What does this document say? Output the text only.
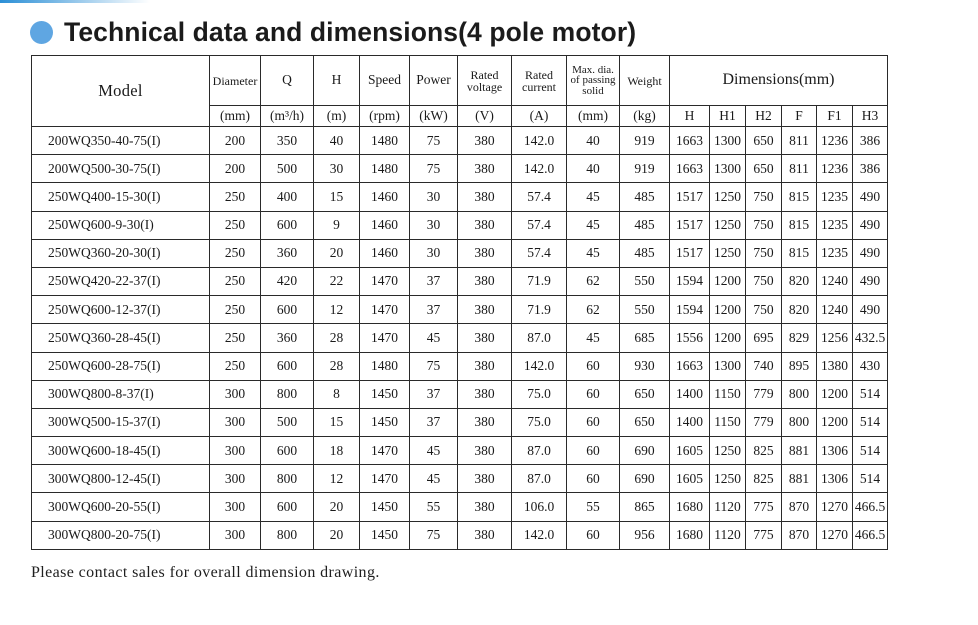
Technical data and dimensions(4 pole motor)
Model	Diameter	Q	H	Speed	Power	Rated voltage	Rated current	Max. dia. of passing solid	Weight	Dimensions(mm)					
	(mm)	(m³/h)	(m)	(rpm)	(kW)	(V)	(A)	(mm)	(kg)	H	H1	H2	F	F1	H3
200WQ350-40-75(I)	200	350	40	1480	75	380	142.0	40	919	1663	1300	650	811	1236	386
200WQ500-30-75(I)	200	500	30	1480	75	380	142.0	40	919	1663	1300	650	811	1236	386
250WQ400-15-30(I)	250	400	15	1460	30	380	57.4	45	485	1517	1250	750	815	1235	490
250WQ600-9-30(I)	250	600	9	1460	30	380	57.4	45	485	1517	1250	750	815	1235	490
250WQ360-20-30(I)	250	360	20	1460	30	380	57.4	45	485	1517	1250	750	815	1235	490
250WQ420-22-37(I)	250	420	22	1470	37	380	71.9	62	550	1594	1200	750	820	1240	490
250WQ600-12-37(I)	250	600	12	1470	37	380	71.9	62	550	1594	1200	750	820	1240	490
250WQ360-28-45(I)	250	360	28	1470	45	380	87.0	45	685	1556	1200	695	829	1256	432.5
250WQ600-28-75(I)	250	600	28	1480	75	380	142.0	60	930	1663	1300	740	895	1380	430
300WQ800-8-37(I)	300	800	8	1450	37	380	75.0	60	650	1400	1150	779	800	1200	514
300WQ500-15-37(I)	300	500	15	1450	37	380	75.0	60	650	1400	1150	779	800	1200	514
300WQ600-18-45(I)	300	600	18	1470	45	380	87.0	60	690	1605	1250	825	881	1306	514
300WQ800-12-45(I)	300	800	12	1470	45	380	87.0	60	690	1605	1250	825	881	1306	514
300WQ600-20-55(I)	300	600	20	1450	55	380	106.0	55	865	1680	1120	775	870	1270	466.5
300WQ800-20-75(I)	300	800	20	1450	75	380	142.0	60	956	1680	1120	775	870	1270	466.5
Please contact sales for overall dimension drawing.
